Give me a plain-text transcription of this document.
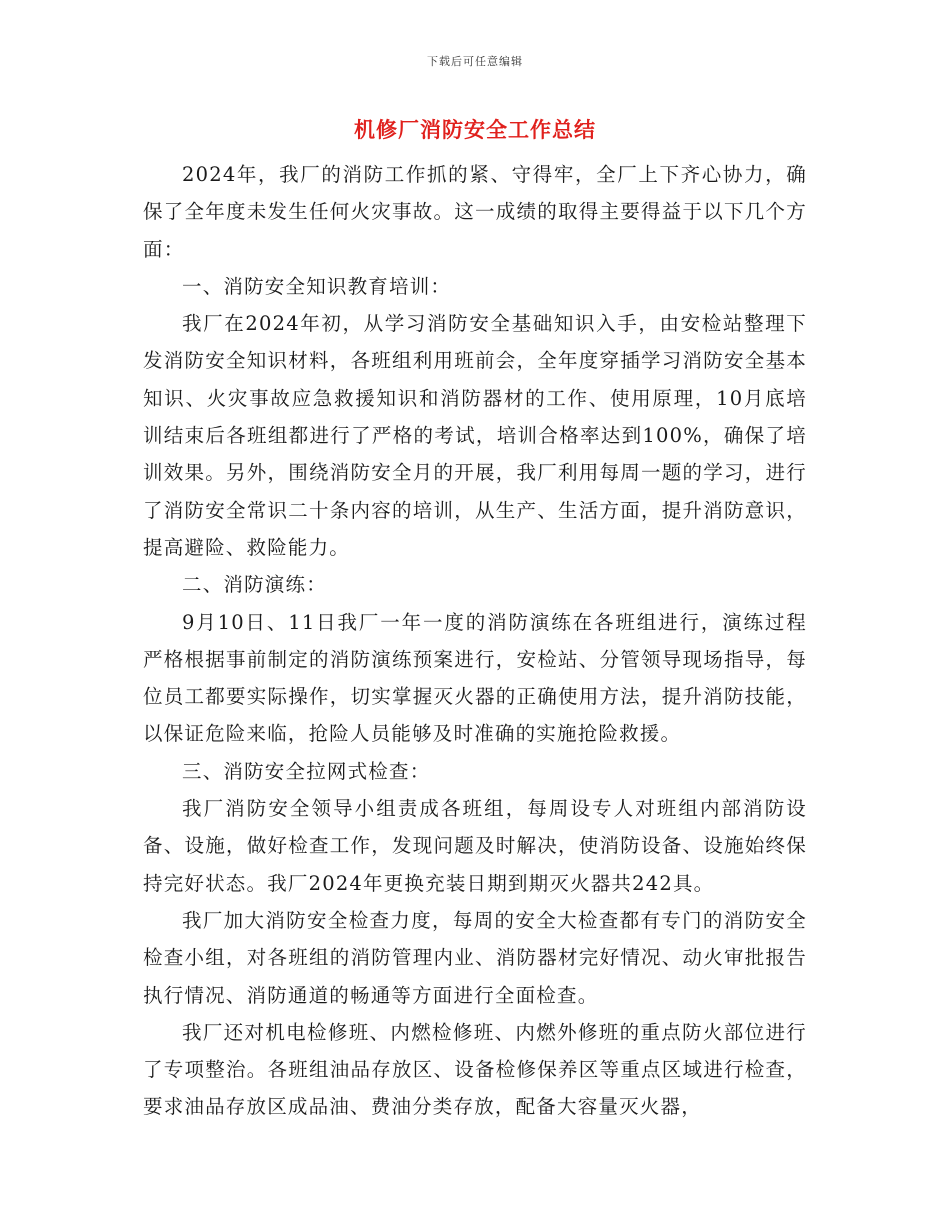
下载后可任意编辑
机修厂消防安全工作总结

2024年，我厂的消防工作抓的紧、守得牢，全厂上下齐心协力，确保了全年度未发生任何火灾事故。这一成绩的取得主要得益于以下几个方面：

一、消防安全知识教育培训：

我厂在2024年初，从学习消防安全基础知识入手，由安检站整理下发消防安全知识材料，各班组利用班前会，全年度穿插学习消防安全基本知识、火灾事故应急救援知识和消防器材的工作、使用原理，10月底培训结束后各班组都进行了严格的考试，培训合格率达到100%，确保了培训效果。另外，围绕消防安全月的开展，我厂利用每周一题的学习，进行了消防安全常识二十条内容的培训，从生产、生活方面，提升消防意识，提高避险、救险能力。

二、消防演练：

9月10日、11日我厂一年一度的消防演练在各班组进行，演练过程严格根据事前制定的消防演练预案进行，安检站、分管领导现场指导，每位员工都要实际操作，切实掌握灭火器的正确使用方法，提升消防技能，以保证危险来临，抢险人员能够及时准确的实施抢险救援。

三、消防安全拉网式检查：

我厂消防安全领导小组责成各班组，每周设专人对班组内部消防设备、设施，做好检查工作，发现问题及时解决，使消防设备、设施始终保持完好状态。我厂2024年更换充装日期到期灭火器共242具。

我厂加大消防安全检查力度，每周的安全大检查都有专门的消防安全检查小组，对各班组的消防管理内业、消防器材完好情况、动火审批报告执行情况、消防通道的畅通等方面进行全面检查。

我厂还对机电检修班、内燃检修班、内燃外修班的重点防火部位进行了专项整治。各班组油品存放区、设备检修保养区等重点区域进行检查，要求油品存放区成品油、费油分类存放，配备大容量灭火器，
